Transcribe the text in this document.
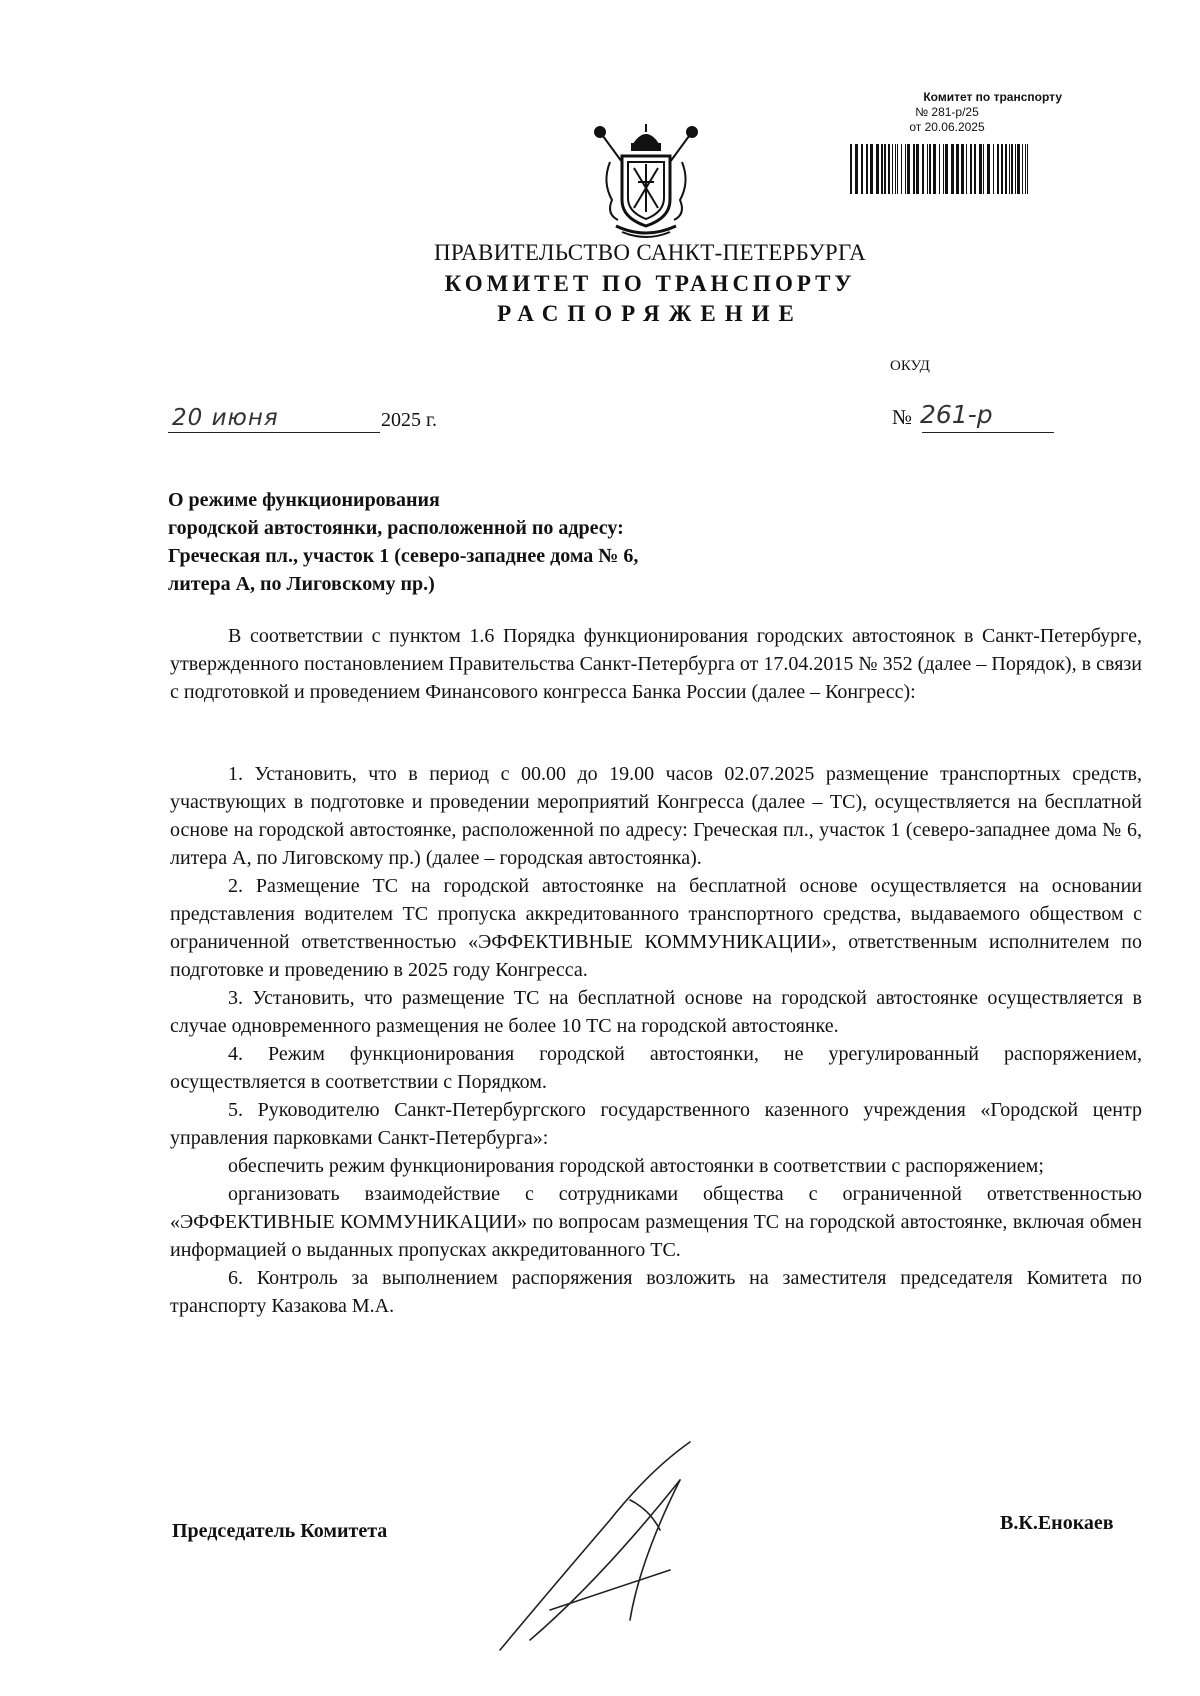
Комитет по транспорту
№ 281-р/25
от 20.06.2025
ПРАВИТЕЛЬСТВО САНКТ-ПЕТЕРБУРГА
КОМИТЕТ ПО ТРАНСПОРТУ
РАСПОРЯЖЕНИЕ
ОКУД
20 июня	2025 г.	№ 261-р
О режиме функционирования
городской автостоянки, расположенной по адресу:
Греческая пл., участок 1 (северо-западнее дома № 6,
литера А, по Лиговскому пр.)

В соответствии с пунктом 1.6 Порядка функционирования городских автостоянок в Санкт-Петербурге, утвержденного постановлением Правительства Санкт-Петербурга от 17.04.2015 № 352 (далее – Порядок), в связи с подготовкой и проведением Финансового конгресса Банка России (далее – Конгресс):

1. Установить, что в период с 00.00 до 19.00 часов 02.07.2025 размещение транспортных средств, участвующих в подготовке и проведении мероприятий Конгресса (далее – ТС), осуществляется на бесплатной основе на городской автостоянке, расположенной по адресу: Греческая пл., участок 1 (северо-западнее дома № 6, литера А, по Лиговскому пр.) (далее – городская автостоянка).

2. Размещение ТС на городской автостоянке на бесплатной основе осуществляется на основании представления водителем ТС пропуска аккредитованного транспортного средства, выдаваемого обществом с ограниченной ответственностью «ЭФФЕКТИВНЫЕ КОММУНИКАЦИИ», ответственным исполнителем по подготовке и проведению в 2025 году Конгресса.

3. Установить, что размещение ТС на бесплатной основе на городской автостоянке осуществляется в случае одновременного размещения не более 10 ТС на городской автостоянке.

4. Режим функционирования городской автостоянки, не урегулированный распоряжением, осуществляется в соответствии с Порядком.

5. Руководителю Санкт-Петербургского государственного казенного учреждения «Городской центр управления парковками Санкт-Петербурга»:

обеспечить режим функционирования городской автостоянки в соответствии с распоряжением;

организовать взаимодействие с сотрудниками общества с ограниченной ответственностью «ЭФФЕКТИВНЫЕ КОММУНИКАЦИИ» по вопросам размещения ТС на городской автостоянке, включая обмен информацией о выданных пропусках аккредитованного ТС.

6. Контроль за выполнением распоряжения возложить на заместителя председателя Комитета по транспорту Казакова М.А.

Председатель Комитета	В.К.Енокаев
